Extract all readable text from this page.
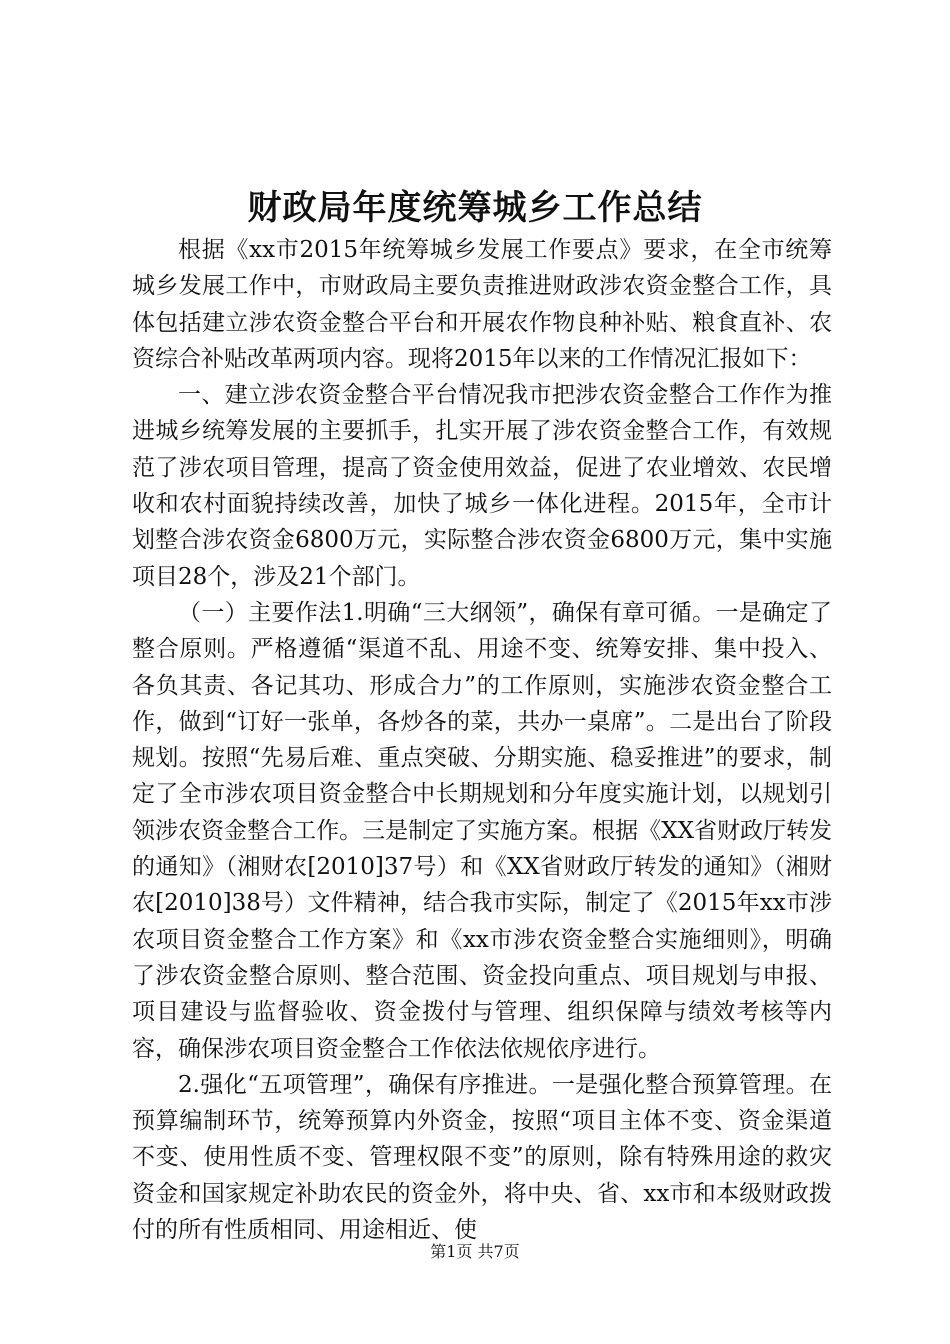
财政局年度统筹城乡工作总结

根据《xx市2015年统筹城乡发展工作要点》要求，在全市统筹城乡发展工作中，市财政局主要负责推进财政涉农资金整合工作，具体包括建立涉农资金整合平台和开展农作物良种补贴、粮食直补、农资综合补贴改革两项内容。现将2015年以来的工作情况汇报如下：

一、建立涉农资金整合平台情况我市把涉农资金整合工作作为推进城乡统筹发展的主要抓手，扎实开展了涉农资金整合工作，有效规范了涉农项目管理，提高了资金使用效益，促进了农业增效、农民增收和农村面貌持续改善，加快了城乡一体化进程。2015年，全市计划整合涉农资金6800万元，实际整合涉农资金6800万元，集中实施项目28个，涉及21个部门。

（一）主要作法1.明确“三大纲领”，确保有章可循。一是确定了整合原则。严格遵循“渠道不乱、用途不变、统筹安排、集中投入、各负其责、各记其功、形成合力”的工作原则，实施涉农资金整合工作，做到“订好一张单，各炒各的菜，共办一桌席”。二是出台了阶段规划。按照“先易后难、重点突破、分期实施、稳妥推进”的要求，制定了全市涉农项目资金整合中长期规划和分年度实施计划，以规划引领涉农资金整合工作。三是制定了实施方案。根据《XX省财政厅转发的通知》（湘财农[2010]37号）和《XX省财政厅转发的通知》（湘财农[2010]38号）文件精神，结合我市实际，制定了《2015年xx市涉农项目资金整合工作方案》和《xx市涉农资金整合实施细则》，明确了涉农资金整合原则、整合范围、资金投向重点、项目规划与申报、项目建设与监督验收、资金拨付与管理、组织保障与绩效考核等内容，确保涉农项目资金整合工作依法依规依序进行。

2.强化“五项管理”，确保有序推进。一是强化整合预算管理。在预算编制环节，统筹预算内外资金，按照“项目主体不变、资金渠道不变、使用性质不变、管理权限不变”的原则，除有特殊用途的救灾资金和国家规定补助农民的资金外，将中央、省、xx市和本级财政拨付的所有性质相同、用途相近、使

第1页 共7页
